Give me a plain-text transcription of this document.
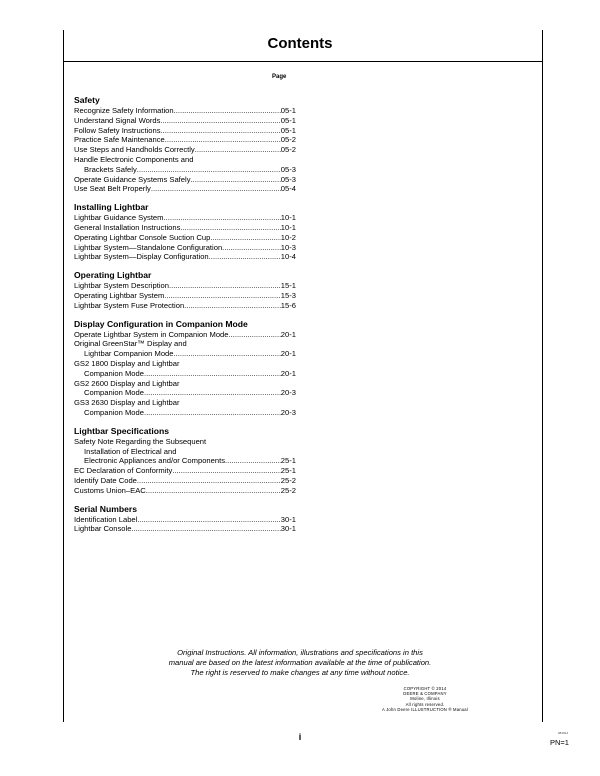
Contents
Page
Safety
Recognize Safety Information .....	05-1
Understand Signal Words .....	05-1
Follow Safety Instructions .....	05-1
Practice Safe Maintenance .....	05-2
Use Steps and Handholds Correctly .....	05-2
Handle Electronic Components and
Brackets Safely .....	05-3
Operate Guidance Systems Safely .....	05-3
Use Seat Belt Properly .....	05-4
Installing Lightbar
Lightbar Guidance System .....	10-1
General Installation Instructions .....	10-1
Operating Lightbar Console Suction Cup .....	10-2
Lightbar System—Standalone Configuration .....	10-3
Lightbar System—Display Configuration .....	10-4
Operating Lightbar
Lightbar System Description .....	15-1
Operating Lightbar System .....	15-3
Lightbar System Fuse Protection .....	15-6
Display Configuration in Companion Mode
Operate Lightbar System in Companion Mode .....	20-1
Original GreenStar™ Display and
Lightbar Companion Mode .....	20-1
GS2 1800 Display and Lightbar
Companion Mode .....	20-1
GS2 2600 Display and Lightbar
Companion Mode .....	20-3
GS3 2630 Display and Lightbar
Companion Mode .....	20-3
Lightbar Specifications
Safety Note Regarding the Subsequent
Installation of Electrical and
Electronic Appliances and/or Components .....	25-1
EC Declaration of Conformity .....	25-1
Identify Date Code .....	25-2
Customs Union–EAC .....	25-2
Serial Numbers
Identification Label .....	30-1
Lightbar Console .....	30-1
Original Instructions. All information, illustrations and specifications in this
manual are based on the latest information available at the time of publication.
The right is reserved to make changes at any time without notice.
COPYRIGHT © 2014
DEERE & COMPANY
Moline, Illinois
All rights reserved.
A John Deere ILLUSTRUCTION ® Manual
i	081914
PN=1
